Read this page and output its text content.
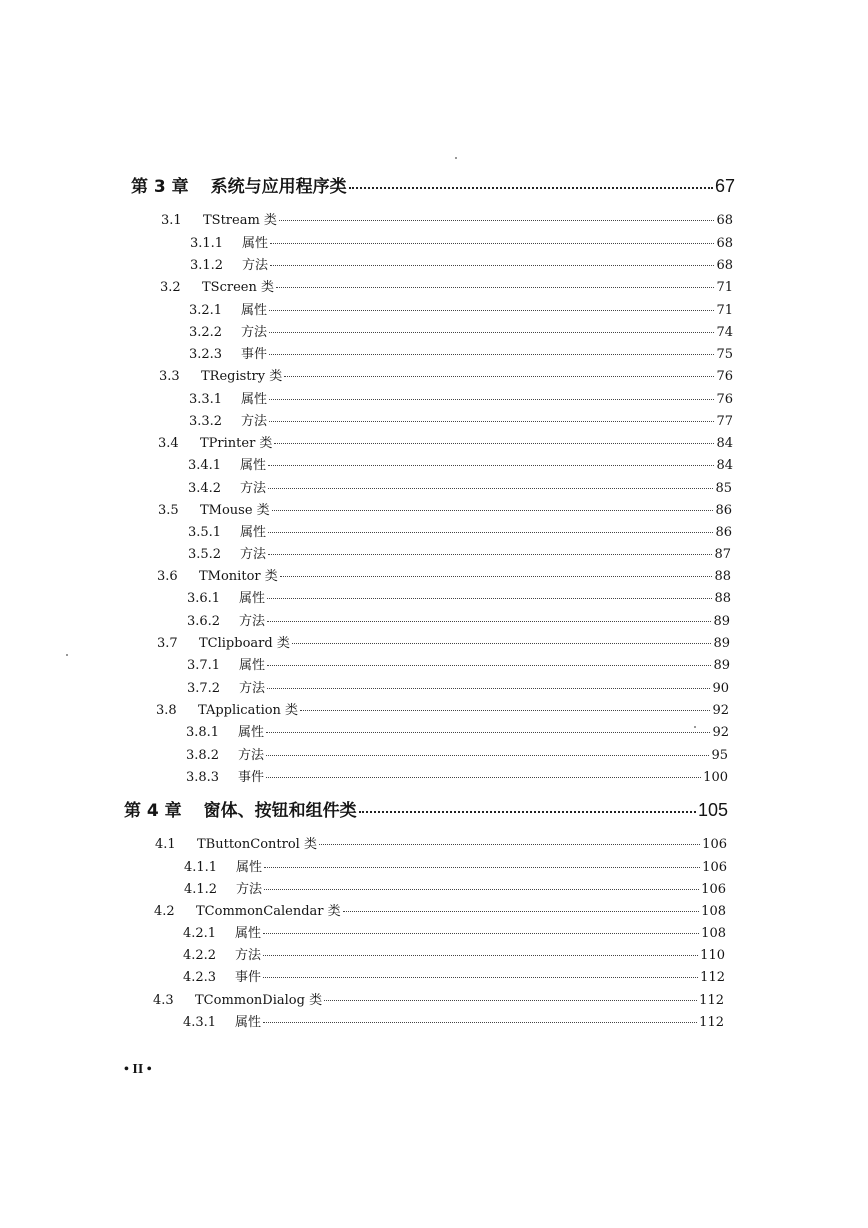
第 3 章 系统与应用程序类	67
3.1	TStream 类	68
3.1.1	属性	68
3.1.2	方法	68
3.2	TScreen 类	71
3.2.1	属性	71
3.2.2	方法	74
3.2.3	事件	75
3.3	TRegistry 类	76
3.3.1	属性	76
3.3.2	方法	77
3.4	TPrinter 类	84
3.4.1	属性	84
3.4.2	方法	85
3.5	TMouse 类	86
3.5.1	属性	86
3.5.2	方法	87
3.6	TMonitor 类	88
3.6.1	属性	88
3.6.2	方法	89
3.7	TClipboard 类	89
3.7.1	属性	89
3.7.2	方法	90
3.8	TApplication 类	92
3.8.1	属性	92
3.8.2	方法	95
3.8.3	事件	100
第 4 章 窗体、按钮和组件类	105
4.1	TButtonControl 类	106
4.1.1	属性	106
4.1.2	方法	106
4.2	TCommonCalendar 类	108
4.2.1	属性	108
4.2.2	方法	110
4.2.3	事件	112
4.3	TCommonDialog 类	112
4.3.1	属性	112
• II •
